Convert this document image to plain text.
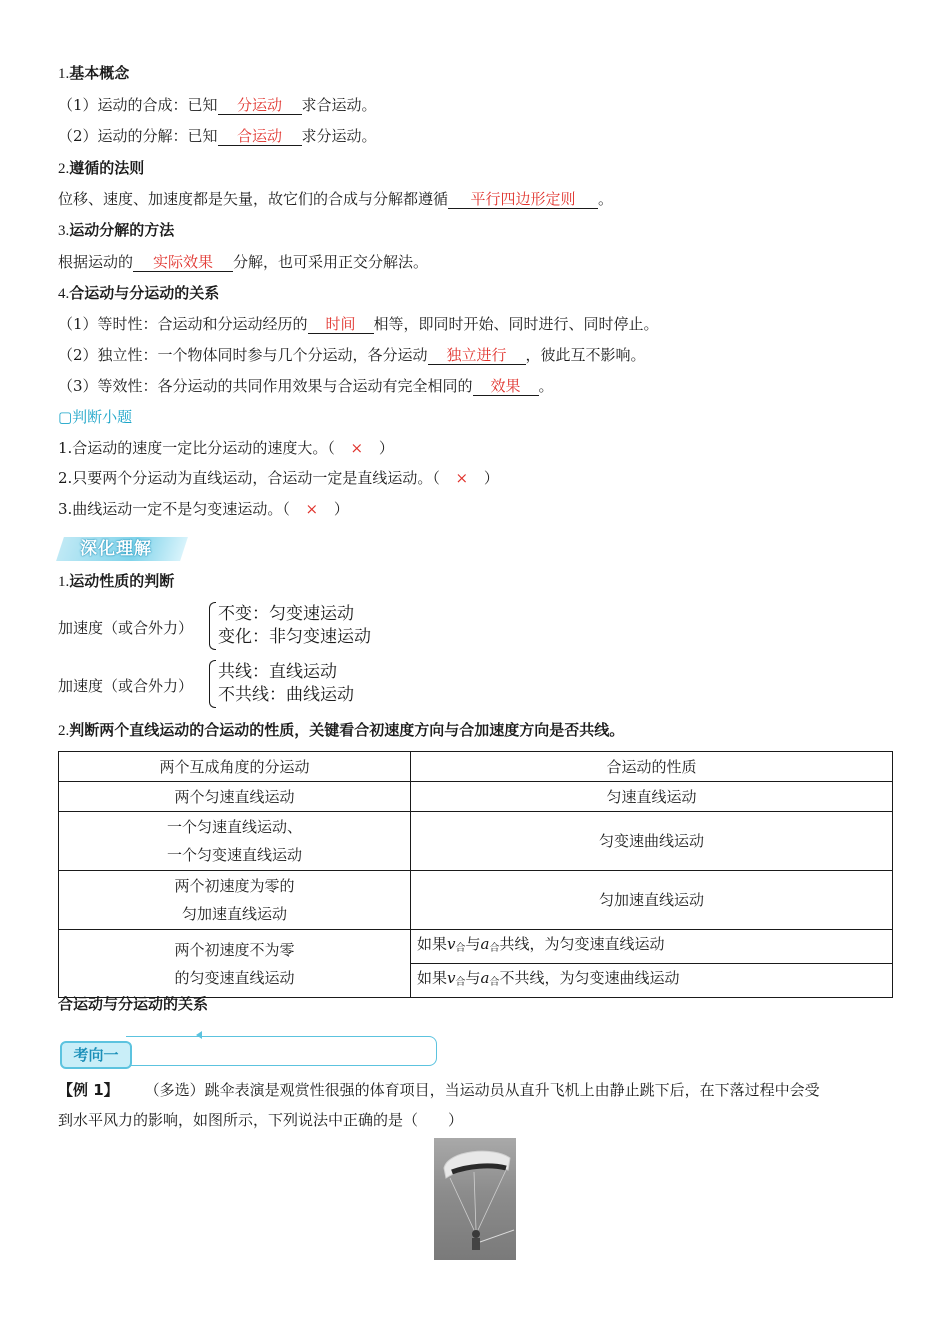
1.基本概念
（1）运动的合成：已知 分运动 求合运动。
（2）运动的分解：已知 合运动 求分运动。
2.遵循的法则
位移、速度、加速度都是矢量，故它们的合成与分解都遵循 平行四边形定则 。
3.运动分解的方法
根据运动的 实际效果 分解，也可采用正交分解法。
4.合运动与分运动的关系
（1）等时性：合运动和分运动经历的 时间 相等，即同时开始、同时进行、同时停止。
（2）独立性：一个物体同时参与几个分运动，各分运动 独立进行 ，彼此互不影响。
（3）等效性：各分运动的共同作用效果与合运动有完全相同的 效果 。
▢判断小题
1.合运动的速度一定比分运动的速度大。（ × ）
2.只要两个分运动为直线运动，合运动一定是直线运动。（ × ）
3.曲线运动一定不是匀变速运动。（ × ）
深化理解
1.运动性质的判断
加速度（或合外力）
不变：匀变速运动
变化：非匀变速运动
加速度（或合外力）
共线：直线运动
不共线：曲线运动
2.判断两个直线运动的合运动的性质，关键看合初速度方向与合加速度方向是否共线。
两个互成角度的分运动	合运动的性质
两个匀速直线运动	匀速直线运动

一个匀速直线运动、
一个匀变速直线运动	匀变速曲线运动

两个初速度为零的
匀加速直线运动	匀加速直线运动

两个初速度不为零
的匀变速直线运动	如果$v_合$与$a_合$共线，为匀变速直线运动
	如果$v_合$与$a_合$不共线，为匀变速曲线运动
合运动与分运动的关系
考向一
【例 1】 （多选）跳伞表演是观赏性很强的体育项目，当运动员从直升飞机上由静止跳下后，在下落过程中会受
到水平风力的影响，如图所示，下列说法中正确的是（　　）
